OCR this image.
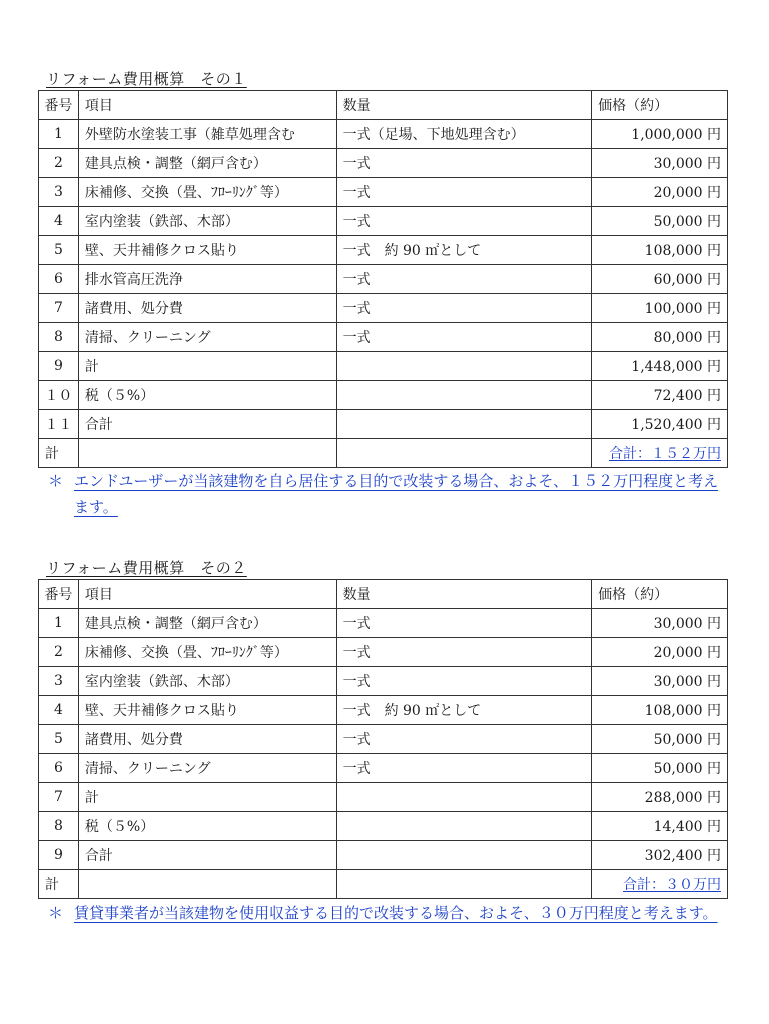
リフォーム費用概算　その１
番号	項目	数量	価格（約）
1	外壁防水塗装工事（雑草処理含む	一式（足場、下地処理含む）	1,000,000 円
2	建具点検・調整（網戸含む）	一式	30,000 円
3	床補修、交換（畳、ﾌﾛｰﾘﾝｸﾞ等）	一式	20,000 円
4	室内塗装（鉄部、木部）	一式	50,000 円
5	壁、天井補修クロス貼り	一式　約 90 ㎡として	108,000 円
6	排水管高圧洗浄	一式	60,000 円
7	諸費用、処分費	一式	100,000 円
8	清掃、クリーニング	一式	80,000 円
9	計		1,448,000 円
１０	税（５%）		72,400 円
１１	合計		1,520,400 円
計			合計：１５２万円
＊ エンドユーザーが当該建物を自ら居住する目的で改装する場合、およそ、１５２万円程度と考えます。
リフォーム費用概算　その２
番号	項目	数量	価格（約）
1	建具点検・調整（網戸含む）	一式	30,000 円
2	床補修、交換（畳、ﾌﾛｰﾘﾝｸﾞ等）	一式	20,000 円
3	室内塗装（鉄部、木部）	一式	30,000 円
4	壁、天井補修クロス貼り	一式　約 90 ㎡として	108,000 円
5	諸費用、処分費	一式	50,000 円
6	清掃、クリーニング	一式	50,000 円
7	計		288,000 円
8	税（５%）		14,400 円
9	合計		302,400 円
計			合計：３０万円
＊ 賃貸事業者が当該建物を使用収益する目的で改装する場合、およそ、３０万円程度と考えます。
